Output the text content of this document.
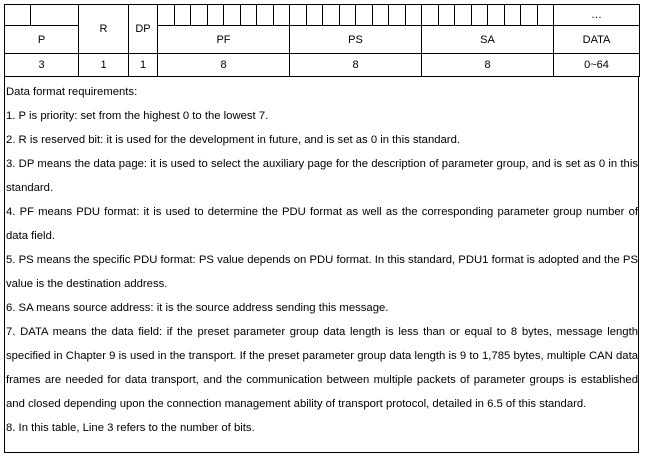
		R	DP																									…
P				PF								PS								SA								DATA
3		1	1	8								8								8								0~64
Data format requirements:
1. P is priority: set from the highest 0 to the lowest 7.
2. R is reserved bit: it is used for the development in future, and is set as 0 in this standard.
3. DP means the data page: it is used to select the auxiliary page for the description of parameter group, and is set as 0 in this standard.
4. PF means PDU format: it is used to determine the PDU format as well as the corresponding parameter group number of data field.
5. PS means the specific PDU format: PS value depends on PDU format. In this standard, PDU1 format is adopted and the PS value is the destination address.
6. SA means source address: it is the source address sending this message.
7. DATA means the data field: if the preset parameter group data length is less than or equal to 8 bytes, message length specified in Chapter 9 is used in the transport. If the preset parameter group data length is 9 to 1,785 bytes, multiple CAN data frames are needed for data transport, and the communication between multiple packets of parameter groups is established and closed depending upon the connection management ability of transport protocol, detailed in 6.5 of this standard.
8. In this table, Line 3 refers to the number of bits.
